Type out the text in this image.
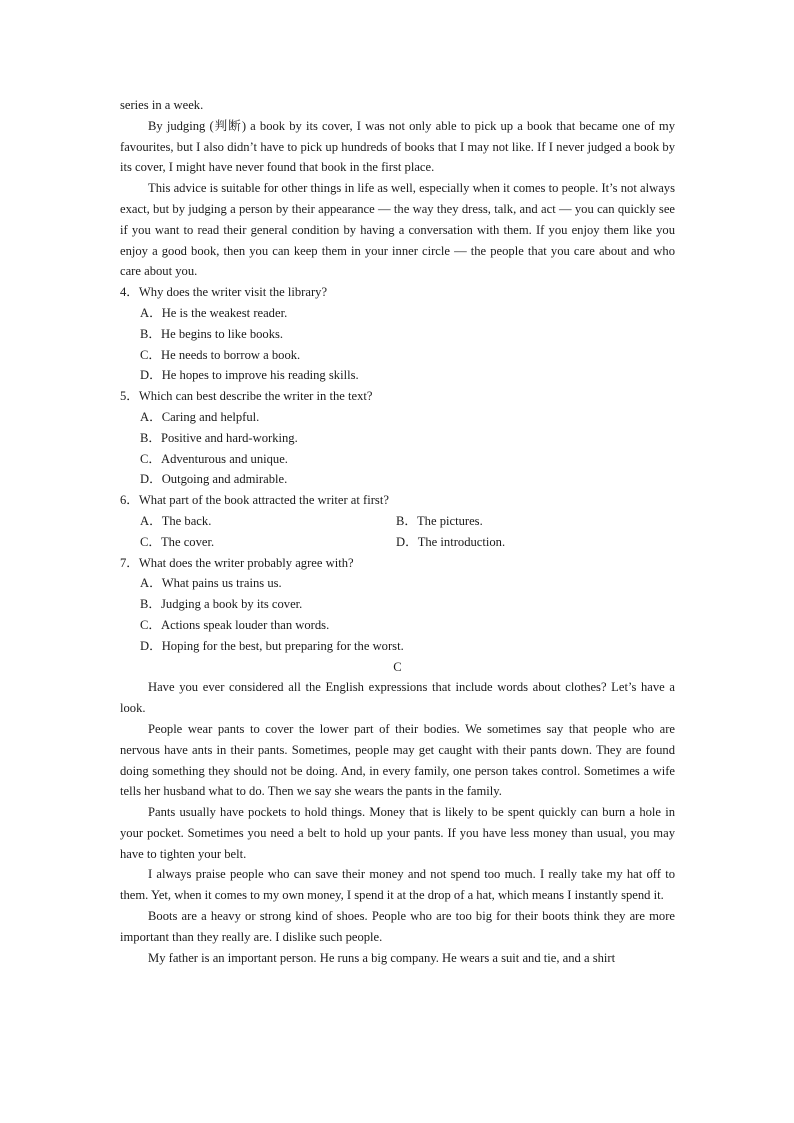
series in a week.

By judging (判断) a book by its cover, I was not only able to pick up a book that became one of my favourites, but I also didn’t have to pick up hundreds of books that I may not like. If I never judged a book by its cover, I might have never found that book in the first place.

This advice is suitable for other things in life as well, especially when it comes to people. It’s not always exact, but by judging a person by their appearance — the way they dress, talk, and act — you can quickly see if you want to read their general condition by having a conversation with them. If you enjoy them like you enjoy a good book, then you can keep them in your inner circle — the people that you care about and who care about you.

4．Why does the writer visit the library?

A．He is the weakest reader.

B．He begins to like books.

C．He needs to borrow a book.

D．He hopes to improve his reading skills.

5．Which can best describe the writer in the text?

A．Caring and helpful.

B．Positive and hard-working.

C．Adventurous and unique.

D．Outgoing and admirable.

6．What part of the book attracted the writer at first?

A．The back.	B．The pictures.
C．The cover.	D．The introduction.

7．What does the writer probably agree with?

A．What pains us trains us.

B．Judging a book by its cover.

C．Actions speak louder than words.

D．Hoping for the best, but preparing for the worst.

C

Have you ever considered all the English expressions that include words about clothes? Let’s have a look.

People wear pants to cover the lower part of their bodies. We sometimes say that people who are nervous have ants in their pants. Sometimes, people may get caught with their pants down. They are found doing something they should not be doing. And, in every family, one person takes control. Sometimes a wife tells her husband what to do. Then we say she wears the pants in the family.

Pants usually have pockets to hold things. Money that is likely to be spent quickly can burn a hole in your pocket. Sometimes you need a belt to hold up your pants. If you have less money than usual, you may have to tighten your belt.

I always praise people who can save their money and not spend too much. I really take my hat off to them. Yet, when it comes to my own money, I spend it at the drop of a hat, which means I instantly spend it.

Boots are a heavy or strong kind of shoes. People who are too big for their boots think they are more important than they really are. I dislike such people.

My father is an important person. He runs a big company. He wears a suit and tie, and a shirt
